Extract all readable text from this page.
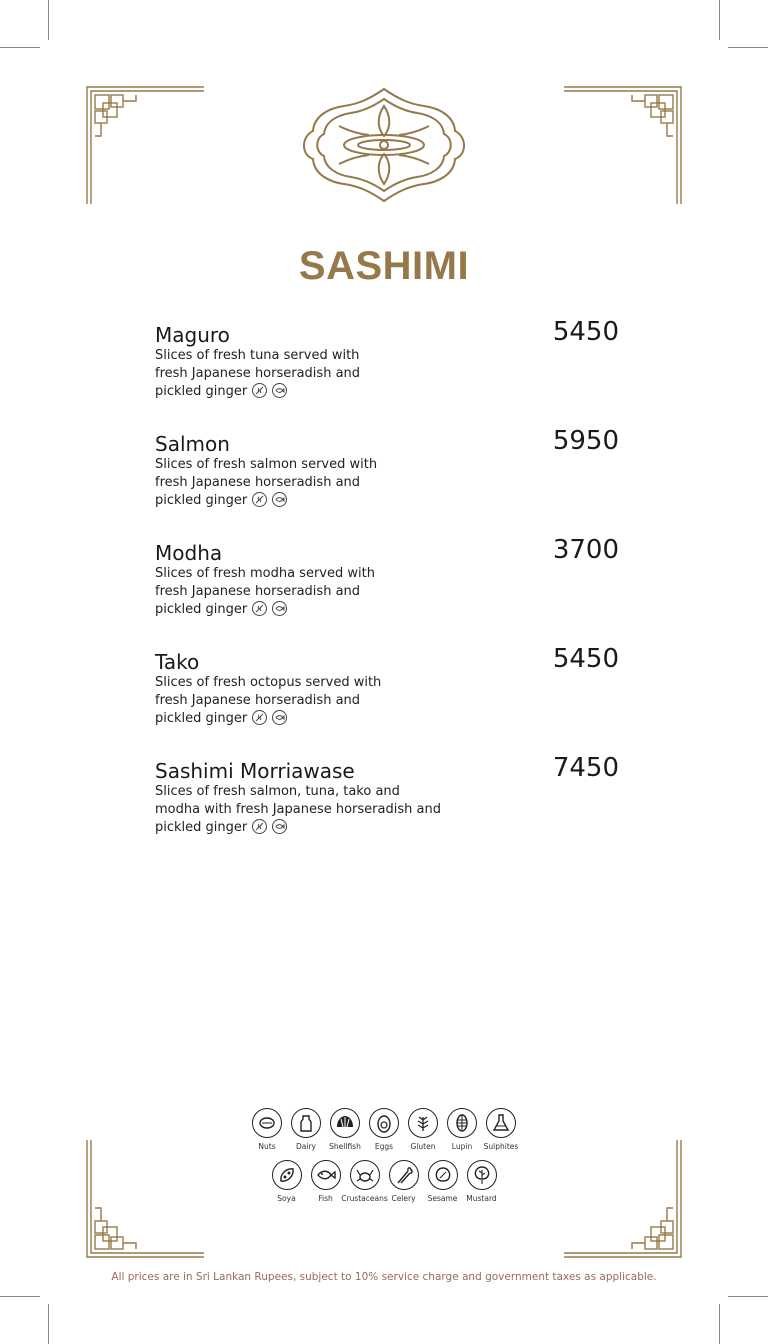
SASHIMI
Maguro	5450
Slices of fresh tuna served with
fresh Japanese horseradish and
pickled ginger
Salmon	5950
Slices of fresh salmon served with
fresh Japanese horseradish and
pickled ginger
Modha	3700
Slices of fresh modha served with
fresh Japanese horseradish and
pickled ginger
Tako	5450
Slices of fresh octopus served with
fresh Japanese horseradish and
pickled ginger
Sashimi Morriawase	7450
Slices of fresh salmon, tuna, tako and
modha with fresh Japanese horseradish and
pickled ginger
Nuts	Dairy Shellfish Eggs Gluten Lupin Sulphites
Soya	Fish Crustaceans Celery Sesame Mustard
All prices are in Sri Lankan Rupees, subject to 10% service charge and government taxes as applicable.
